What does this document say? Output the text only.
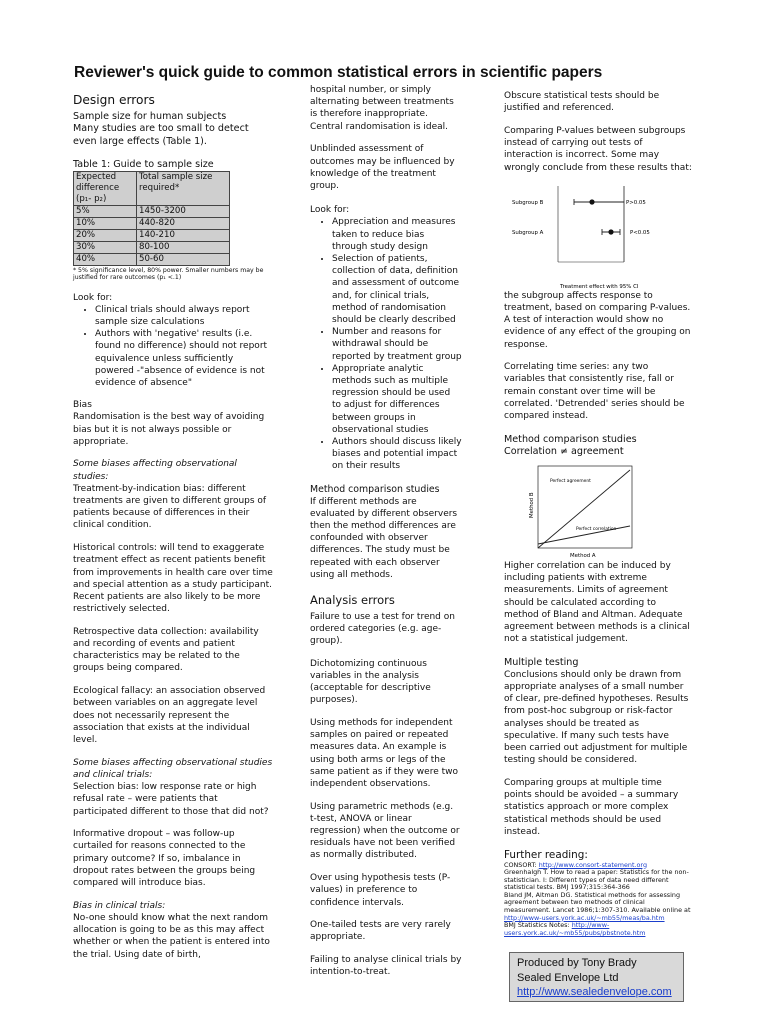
Reviewer's quick guide to common statistical errors in scientific papers
Design errors
Sample size for human subjects

Many studies are too small to detect even large effects (Table 1).

Table 1: Guide to sample size
Expected difference (p₁- p₂)	Total sample size required*
5%	1450-3200
10%	440-820
20%	140-210
30%	80-100
40%	50-60
* 5% significance level, 80% power. Smaller numbers may be justified for rare outcomes (p₁ <.1)
Look for:
• Clinical trials should always report sample size calculations
• Authors with 'negative' results (i.e. found no difference) should not report equivalence unless sufficiently powered -"absence of evidence is not evidence of absence"
Bias

Randomisation is the best way of avoiding bias but it is not always possible or appropriate.

Some biases affecting observational studies:

Treatment-by-indication bias: different treatments are given to different groups of patients because of differences in their clinical condition.

Historical controls: will tend to exaggerate treatment effect as recent patients benefit from improvements in health care over time and special attention as a study participant. Recent patients are also likely to be more restrictively selected.

Retrospective data collection: availability and recording of events and patient characteristics may be related to the groups being compared.

Ecological fallacy: an association observed between variables on an aggregate level does not necessarily represent the association that exists at the individual level.

Some biases affecting observational studies and clinical trials:

Selection bias: low response rate or high refusal rate – were patients that participated different to those that did not?

Informative dropout – was follow-up curtailed for reasons connected to the primary outcome? If so, imbalance in dropout rates between the groups being compared will introduce bias.

Bias in clinical trials:

No-one should know what the next random allocation is going to be as this may affect whether or when the patient is entered into the trial. Using date of birth,

hospital number, or simply alternating between treatments is therefore inappropriate. Central randomisation is ideal.

Unblinded assessment of outcomes may be influenced by knowledge of the treatment group.

Look for:
• Appreciation and measures taken to reduce bias through study design
• Selection of patients, collection of data, definition and assessment of outcome and, for clinical trials, method of randomisation should be clearly described
• Number and reasons for withdrawal should be reported by treatment group
• Appropriate analytic methods such as multiple regression should be used to adjust for differences between groups in observational studies
• Authors should discuss likely biases and potential impact on their results
Method comparison studies

If different methods are evaluated by different observers then the method differences are confounded with observer differences. The study must be repeated with each observer using all methods.

Analysis errors

Failure to use a test for trend on ordered categories (e.g. age-group).

Dichotomizing continuous variables in the analysis (acceptable for descriptive purposes).

Using methods for independent samples on paired or repeated measures data. An example is using both arms or legs of the same patient as if they were two independent observations.

Using parametric methods (e.g. t-test, ANOVA or linear regression) when the outcome or residuals have not been verified as normally distributed.

Over using hypothesis tests (P-values) in preference to confidence intervals.

One-tailed tests are very rarely appropriate.

Failing to analyse clinical trials by intention-to-treat.

Obscure statistical tests should be justified and referenced.

Comparing P-values between subgroups instead of carrying out tests of interaction is incorrect. Some may wrongly conclude from these results that:

Subgroup B	P>0.05
Subgroup A	P<0.05
Treatment effect with 95% CI

the subgroup affects response to treatment, based on comparing P-values. A test of interaction would show no evidence of any effect of the grouping on response.

Correlating time series: any two variables that consistently rise, fall or remain constant over time will be correlated. 'Detrended' series should be compared instead.

Method comparison studies
Correlation ≠ agreement
Method B
Perfect agreement
Perfect correlation
Method A

Higher correlation can be induced by including patients with extreme measurements. Limits of agreement should be calculated according to method of Bland and Altman. Adequate agreement between methods is a clinical not a statistical judgement.

Multiple testing

Conclusions should only be drawn from appropriate analyses of a small number of clear, pre-defined hypotheses. Results from post-hoc subgroup or risk-factor analyses should be treated as speculative. If many such tests have been carried out adjustment for multiple testing should be considered.

Comparing groups at multiple time points should be avoided – a summary statistics approach or more complex statistical methods should be used instead.

Further reading:
CONSORT: http://www.consort-statement.org
Greenhalgh T. How to read a paper: Statistics for the non-statistician. I: Different types of data need different statistical tests. BMJ 1997;315:364-366
Bland JM, Altman DG. Statistical methods for assessing agreement between two methods of clinical measurement. Lancet 1986;1:307-310. Available online at http://www-users.york.ac.uk/~mb55/meas/ba.htm
BMJ Statistics Notes: http://www-users.york.ac.uk/~mb55/pubs/pbstnote.htm
Produced by Tony Brady
Sealed Envelope Ltd
http://www.sealedenvelope.com
